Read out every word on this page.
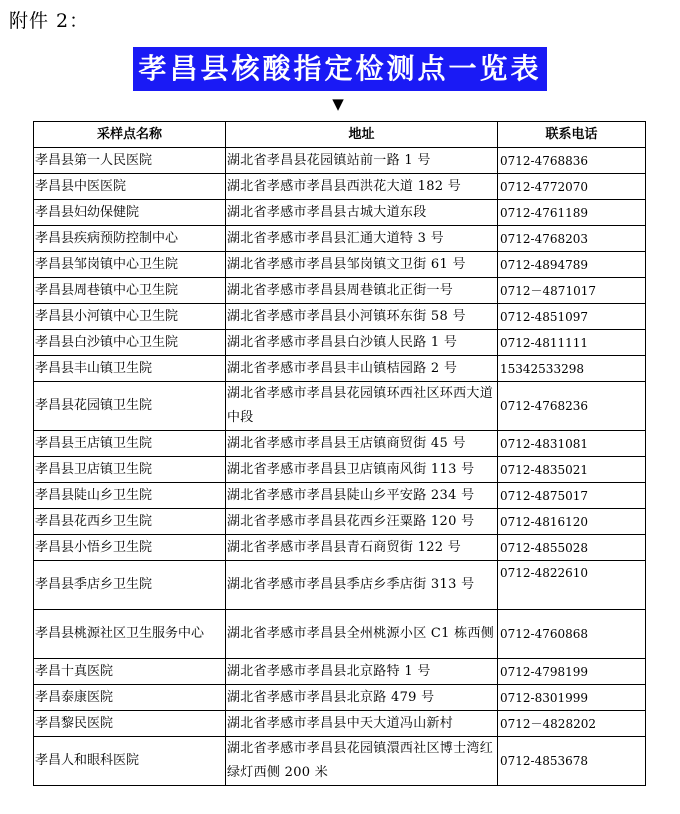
附件 2：
孝昌县核酸指定检测点一览表
▼
采样点名称	地址	联系电话
孝昌县第一人民医院	湖北省孝昌县花园镇站前一路 1 号	0712-4768836
孝昌县中医医院	湖北省孝感市孝昌县西洪花大道 182 号	0712-4772070
孝昌县妇幼保健院	湖北省孝感市孝昌县古城大道东段	0712-4761189
孝昌县疾病预防控制中心	湖北省孝感市孝昌县汇通大道特 3 号	0712-4768203
孝昌县邹岗镇中心卫生院	湖北省孝感市孝昌县邹岗镇文卫街 61 号	0712-4894789
孝昌县周巷镇中心卫生院	湖北省孝感市孝昌县周巷镇北正街一号	0712－4871017
孝昌县小河镇中心卫生院	湖北省孝感市孝昌县小河镇环东街 58 号	0712-4851097
孝昌县白沙镇中心卫生院	湖北省孝感市孝昌县白沙镇人民路 1 号	0712-4811111
孝昌县丰山镇卫生院	湖北省孝感市孝昌县丰山镇桔园路 2 号	15342533298
孝昌县花园镇卫生院	湖北省孝感市孝昌县花园镇环西社区环西大道中段	0712-4768236
孝昌县王店镇卫生院	湖北省孝感市孝昌县王店镇商贸街 45 号	0712-4831081
孝昌县卫店镇卫生院	湖北省孝感市孝昌县卫店镇南风街 113 号	0712-4835021
孝昌县陡山乡卫生院	湖北省孝感市孝昌县陡山乡平安路 234 号	0712-4875017
孝昌县花西乡卫生院	湖北省孝感市孝昌县花西乡汪粟路 120 号	0712-4816120
孝昌县小悟乡卫生院	湖北省孝感市孝昌县青石商贸街 122 号	0712-4855028
孝昌县季店乡卫生院	湖北省孝感市孝昌县季店乡季店街 313 号	0712-4822610
孝昌县桃源社区卫生服务中心	湖北省孝感市孝昌县全州桃源小区 C1 栋西侧	0712-4760868
孝昌十真医院	湖北省孝感市孝昌县北京路特 1 号	0712-4798199
孝昌泰康医院	湖北省孝感市孝昌县北京路 479 号	0712-8301999
孝昌黎民医院	湖北省孝感市孝昌县中天大道冯山新村	0712－4828202
孝昌人和眼科医院	湖北省孝感市孝昌县花园镇澴西社区博士湾红绿灯西侧 200 米	0712-4853678
